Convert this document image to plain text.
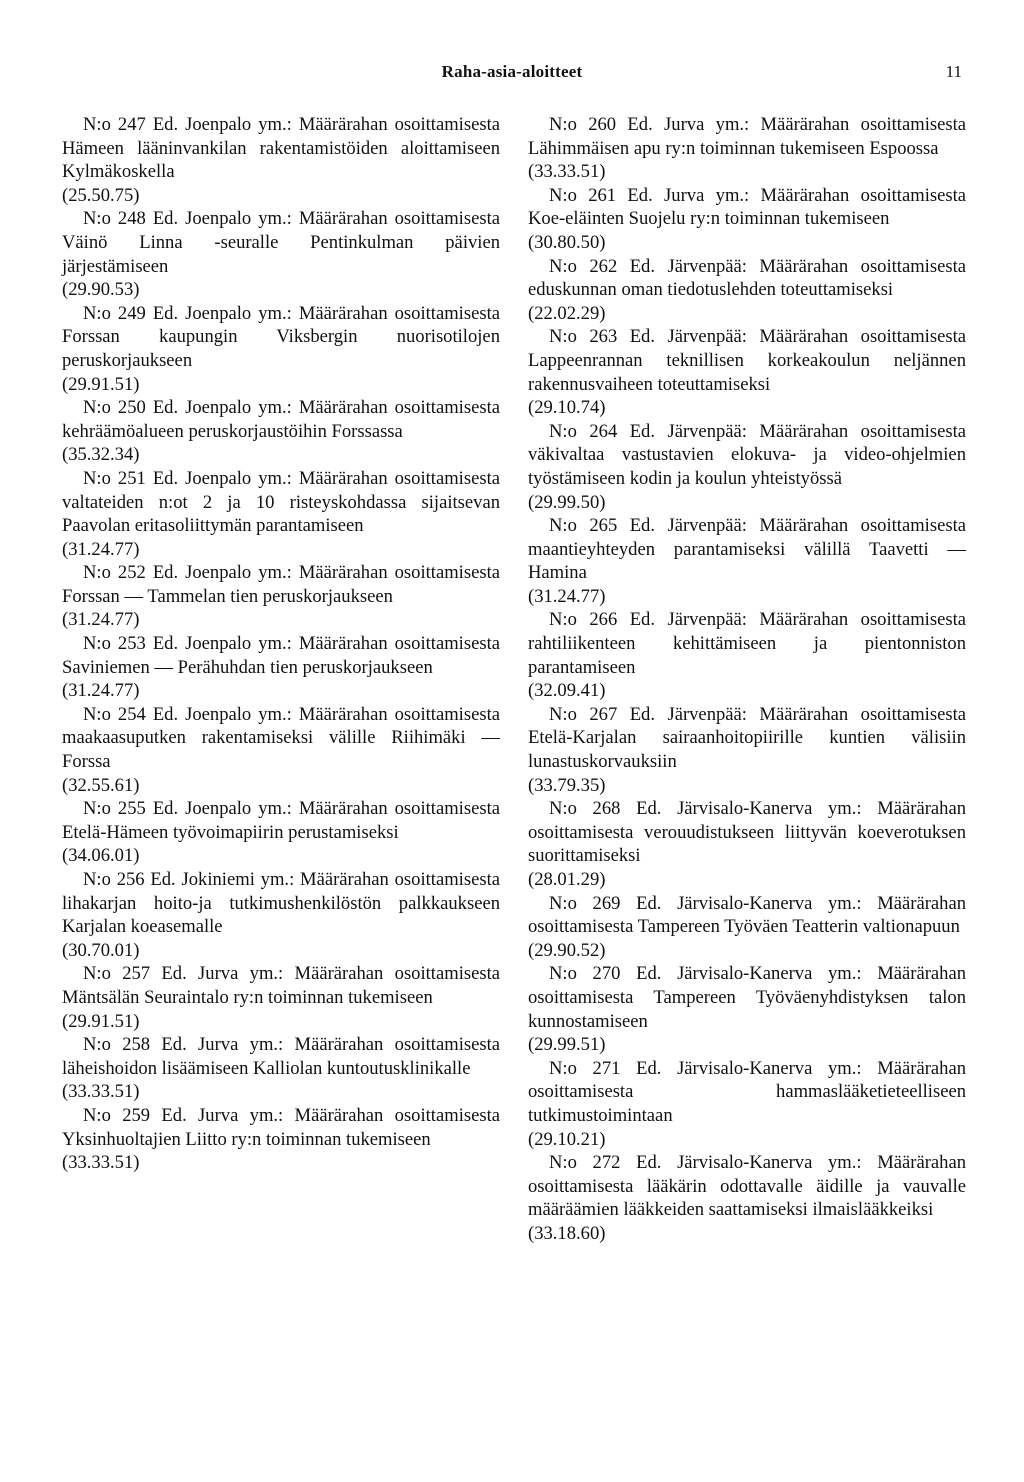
Raha-asia-aloitteet	11

N:o 247 Ed. Joenpalo ym.: Määrärahan osoittamisesta Hämeen lääninvankilan rakentamistöiden aloittamiseen Kylmäkoskella
(25.50.75)

N:o 248 Ed. Joenpalo ym.: Määrärahan osoittamisesta Väinö Linna -seuralle Pentinkulman päivien järjestämiseen
(29.90.53)

N:o 249 Ed. Joenpalo ym.: Määrärahan osoittamisesta Forssan kaupungin Viksbergin nuorisotilojen peruskorjaukseen
(29.91.51)

N:o 250 Ed. Joenpalo ym.: Määrärahan osoittamisesta kehräämöalueen peruskorjaustöihin Forssassa
(35.32.34)

N:o 251 Ed. Joenpalo ym.: Määrärahan osoittamisesta valtateiden n:ot 2 ja 10 risteyskohdassa sijaitsevan Paavolan eritasoliittymän parantamiseen
(31.24.77)

N:o 252 Ed. Joenpalo ym.: Määrärahan osoittamisesta Forssan — Tammelan tien peruskorjaukseen
(31.24.77)

N:o 253 Ed. Joenpalo ym.: Määrärahan osoittamisesta Saviniemen — Perähuhdan tien peruskorjaukseen
(31.24.77)

N:o 254 Ed. Joenpalo ym.: Määrärahan osoittamisesta maakaasuputken rakentamiseksi välille Riihimäki — Forssa
(32.55.61)

N:o 255 Ed. Joenpalo ym.: Määrärahan osoittamisesta Etelä-Hämeen työvoimapiirin perustamiseksi
(34.06.01)

N:o 256 Ed. Jokiniemi ym.: Määrärahan osoittamisesta lihakarjan hoito-ja tutkimushenkilöstön palkkaukseen Karjalan koeasemalle
(30.70.01)

N:o 257 Ed. Jurva ym.: Määrärahan osoittamisesta Mäntsälän Seuraintalo ry:n toiminnan tukemiseen
(29.91.51)

N:o 258 Ed. Jurva ym.: Määrärahan osoittamisesta läheishoidon lisäämiseen Kalliolan kuntoutusklinikalle
(33.33.51)

N:o 259 Ed. Jurva ym.: Määrärahan osoittamisesta Yksinhuoltajien Liitto ry:n toiminnan tukemiseen
(33.33.51)

N:o 260 Ed. Jurva ym.: Määrärahan osoittamisesta Lähimmäisen apu ry:n toiminnan tukemiseen Espoossa
(33.33.51)

N:o 261 Ed. Jurva ym.: Määrärahan osoittamisesta Koe-eläinten Suojelu ry:n toiminnan tukemiseen
(30.80.50)

N:o 262 Ed. Järvenpää: Määrärahan osoittamisesta eduskunnan oman tiedotuslehden toteuttamiseksi
(22.02.29)

N:o 263 Ed. Järvenpää: Määrärahan osoittamisesta Lappeenrannan teknillisen korkeakoulun neljännen rakennusvaiheen toteuttamiseksi
(29.10.74)

N:o 264 Ed. Järvenpää: Määrärahan osoittamisesta väkivaltaa vastustavien elokuva- ja video-ohjelmien työstämiseen kodin ja koulun yhteistyössä
(29.99.50)

N:o 265 Ed. Järvenpää: Määrärahan osoittamisesta maantieyhteyden parantamiseksi välillä Taavetti — Hamina
(31.24.77)

N:o 266 Ed. Järvenpää: Määrärahan osoittamisesta rahtiliikenteen kehittämiseen ja pientonniston parantamiseen
(32.09.41)

N:o 267 Ed. Järvenpää: Määrärahan osoittamisesta Etelä-Karjalan sairaanhoitopiirille kuntien välisiin lunastuskorvauksiin
(33.79.35)

N:o 268 Ed. Järvisalo-Kanerva ym.: Määrärahan osoittamisesta verouudistukseen liittyvän koeverotuksen suorittamiseksi
(28.01.29)

N:o 269 Ed. Järvisalo-Kanerva ym.: Määrärahan osoittamisesta Tampereen Työväen Teatterin valtionapuun
(29.90.52)

N:o 270 Ed. Järvisalo-Kanerva ym.: Määrärahan osoittamisesta Tampereen Työväenyhdistyksen talon kunnostamiseen
(29.99.51)

N:o 271 Ed. Järvisalo-Kanerva ym.: Määrärahan osoittamisesta hammaslääketieteelliseen tutkimustoimintaan
(29.10.21)

N:o 272 Ed. Järvisalo-Kanerva ym.: Määrärahan osoittamisesta lääkärin odottavalle äidille ja vauvalle määräämien lääkkeiden saattamiseksi ilmaislääkkeiksi
(33.18.60)
